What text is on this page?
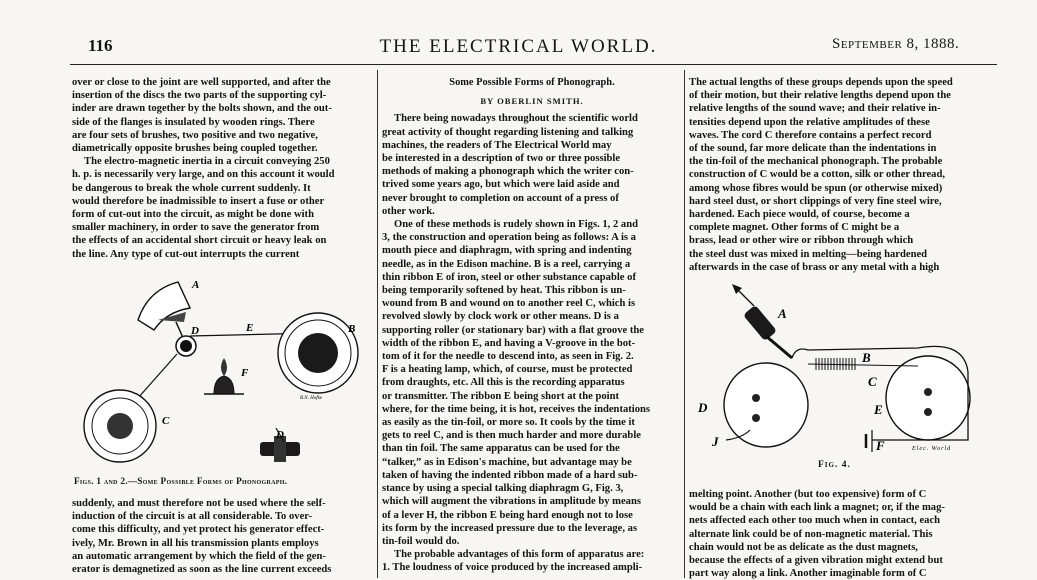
116	THE ELECTRICAL WORLD.	September 8, 1888.

over or close to the joint are well supported, and after the

insertion of the discs the two parts of the supporting cyl-

inder are drawn together by the bolts shown, and the out-

side of the flanges is insulated by wooden rings. There

are four sets of brushes, two positive and two negative,

diametrically opposite brushes being coupled together.

The electro-magnetic inertia in a circuit conveying 250

h. p. is necessarily very large, and on this account it would

be dangerous to break the whole current suddenly. It

would therefore be inadmissible to insert a fuse or other

form of cut-out into the circuit, as might be done with

smaller machinery, in order to save the generator from

the effects of an accidental short circuit or heavy leak on

the line. Any type of cut-out interrupts the current

A
D	E	B
F
C
D
B.N. Hofke
Figs. 1 and 2.—Some Possible Forms of Phonograph.

suddenly, and must therefore not be used where the self-

induction of the circuit is at all considerable. To over-

come this difficulty, and yet protect his generator effect-

ively, Mr. Brown in all his transmission plants employs

an automatic arrangement by which the field of the gen-

erator is demagnetized as soon as the line current exceeds

Some Possible Forms of Phonograph.

BY OBERLIN SMITH.

There being nowadays throughout the scientific world

great activity of thought regarding listening and talking

machines, the readers of The Electrical World may

be interested in a description of two or three possible

methods of making a phonograph which the writer con-

trived some years ago, but which were laid aside and

never brought to completion on account of a press of

other work.

One of these methods is rudely shown in Figs. 1, 2 and

3, the construction and operation being as follows: A is a

mouth piece and diaphragm, with spring and indenting

needle, as in the Edison machine. B is a reel, carrying a

thin ribbon E of iron, steel or other substance capable of

being temporarily softened by heat. This ribbon is un-

wound from B and wound on to another reel C, which is

revolved slowly by clock work or other means. D is a

supporting roller (or stationary bar) with a flat groove the

width of the ribbon E, and having a V-groove in the bot-

tom of it for the needle to descend into, as seen in Fig. 2.

F is a heating lamp, which, of course, must be protected

from draughts, etc. All this is the recording apparatus

or transmitter. The ribbon E being short at the point

where, for the time being, it is hot, receives the indentations

as easily as the tin-foil, or more so. It cools by the time it

gets to reel C, and is then much harder and more durable

than tin foil. The same apparatus can be used for the

“talker,” as in Edison's machine, but advantage may be

taken of having the indented ribbon made of a hard sub-

stance by using a special talking diaphragm G, Fig. 3,

which will augment the vibrations in amplitude by means

of a lever H, the ribbon E being hard enough not to lose

its form by the increased pressure due to the leverage, as

tin-foil would do.

The probable advantages of this form of apparatus are:

1. The loudness of voice produced by the increased ampli-

The actual lengths of these groups depends upon the speed

of their motion, but their relative lengths depend upon the

relative lengths of the sound wave; and their relative in-

tensities depend upon the relative amplitudes of these

waves. The cord C therefore contains a perfect record

of the sound, far more delicate than the indentations in

the tin-foil of the mechanical phonograph. The probable

construction of C would be a cotton, silk or other thread,

among whose fibres would be spun (or otherwise mixed)

hard steel dust, or short clippings of very fine steel wire,

hardened. Each piece would, of course, become a

complete magnet. Other forms of C might be a

brass, lead or other wire or ribbon through which

the steel dust was mixed in melting—being hardened

afterwards in the case of brass or any metal with a high

A
B
C
D	E
F
J	Elec. World
Fig. 4.

melting point. Another (but too expensive) form of C

would be a chain with each link a magnet; or, if the mag-

nets affected each other too much when in contact, each

alternate link could be of non-magnetic material. This

chain would not be as delicate as the dust magnets,

because the effects of a given vibration might extend but

part way along a link. Another imaginable form of C
